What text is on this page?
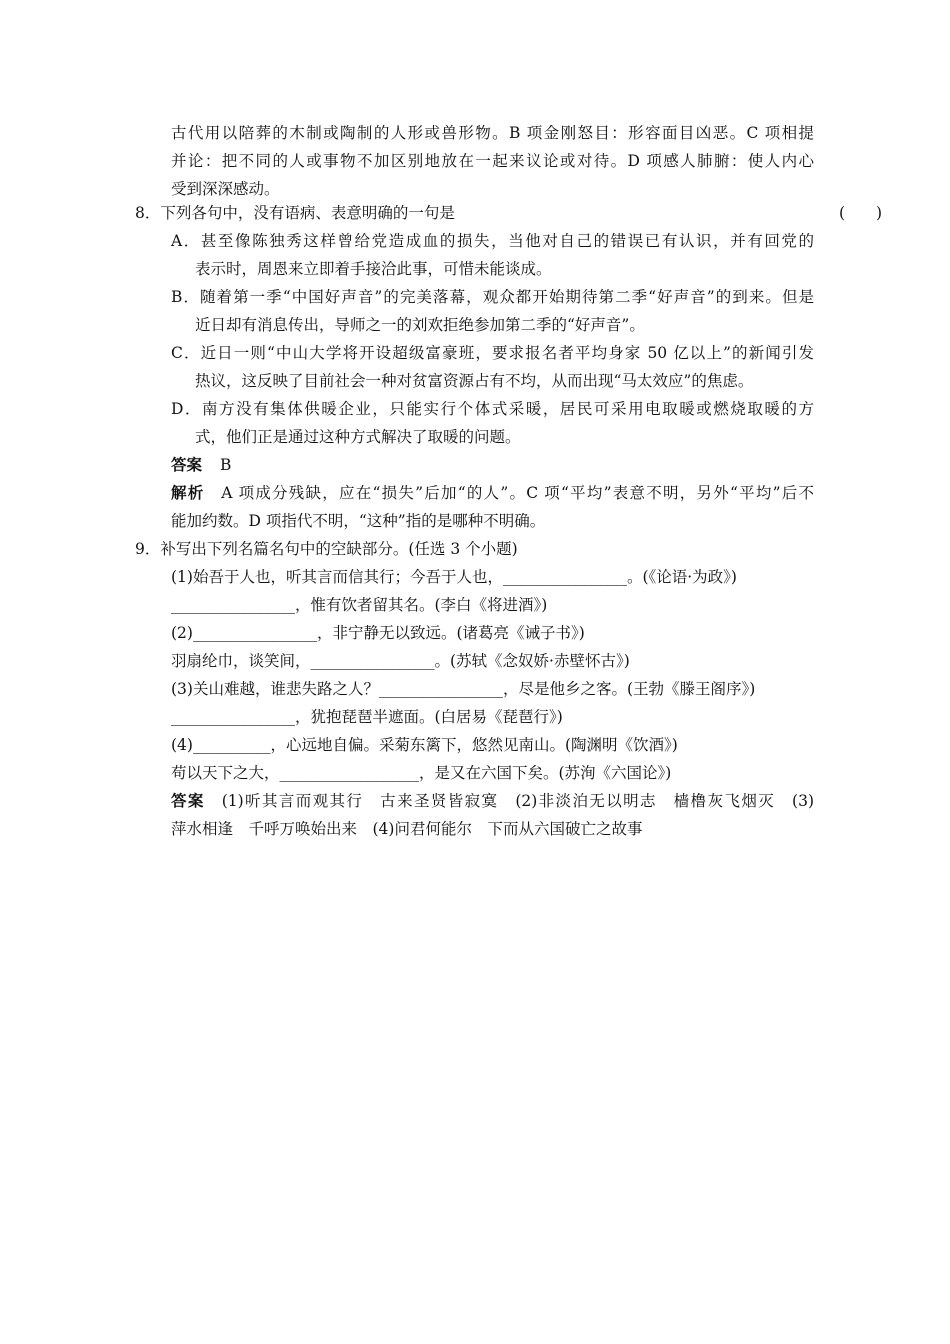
古代用以陪葬的木制或陶制的人形或兽形物。B 项金刚怒目：形容面目凶恶。C 项相提
并论：把不同的人或事物不加区别地放在一起来议论或对待。D 项感人肺腑：使人内心
受到深深感动。
8．下列各句中，没有语病、表意明确的一句是	(　　)
A．甚至像陈独秀这样曾给党造成血的损失，当他对自己的错误已有认识，并有回党的
表示时，周恩来立即着手接洽此事，可惜未能谈成。
B．随着第一季“中国好声音”的完美落幕，观众都开始期待第二季“好声音”的到来。但是
近日却有消息传出，导师之一的刘欢拒绝参加第二季的“好声音”。
C．近日一则“中山大学将开设超级富豪班，要求报名者平均身家 50 亿以上”的新闻引发
热议，这反映了目前社会一种对贫富资源占有不均，从而出现“马太效应”的焦虑。
D．南方没有集体供暖企业，只能实行个体式采暖，居民可采用电取暖或燃烧取暖的方
式，他们正是通过这种方式解决了取暖的问题。
答案 B
解析　 A 项成分残缺，应在“损失”后加“的人”。C 项“平均”表意不明，另外“平均”后不
能加约数。D 项指代不明，“这种”指的是哪种不明确。
9．补写出下列名篇名句中的空缺部分。(任选 3 个小题)
(1)始吾于人也，听其言而信其行；今吾于人也，________________。(《论语·为政》)
________________，惟有饮者留其名。(李白《将进酒》)
(2)________________，非宁静无以致远。(诸葛亮《诫子书》)
羽扇纶巾，谈笑间，________________。(苏轼《念奴娇·赤壁怀古》)
(3)关山难越，谁悲失路之人？________________，尽是他乡之客。(王勃《滕王阁序》)
________________，犹抱琵琶半遮面。(白居易《琵琶行》)
(4)__________，心远地自偏。采菊东篱下，悠然见南山。(陶渊明《饮酒》)
苟以天下之大，__________________，是又在六国下矣。(苏洵《六国论》)
答案　 (1)听其言而观其行　古来圣贤皆寂寞　(2)非淡泊无以明志　樯橹灰飞烟灭　(3)
萍水相逢　千呼万唤始出来　(4)问君何能尔　下而从六国破亡之故事
